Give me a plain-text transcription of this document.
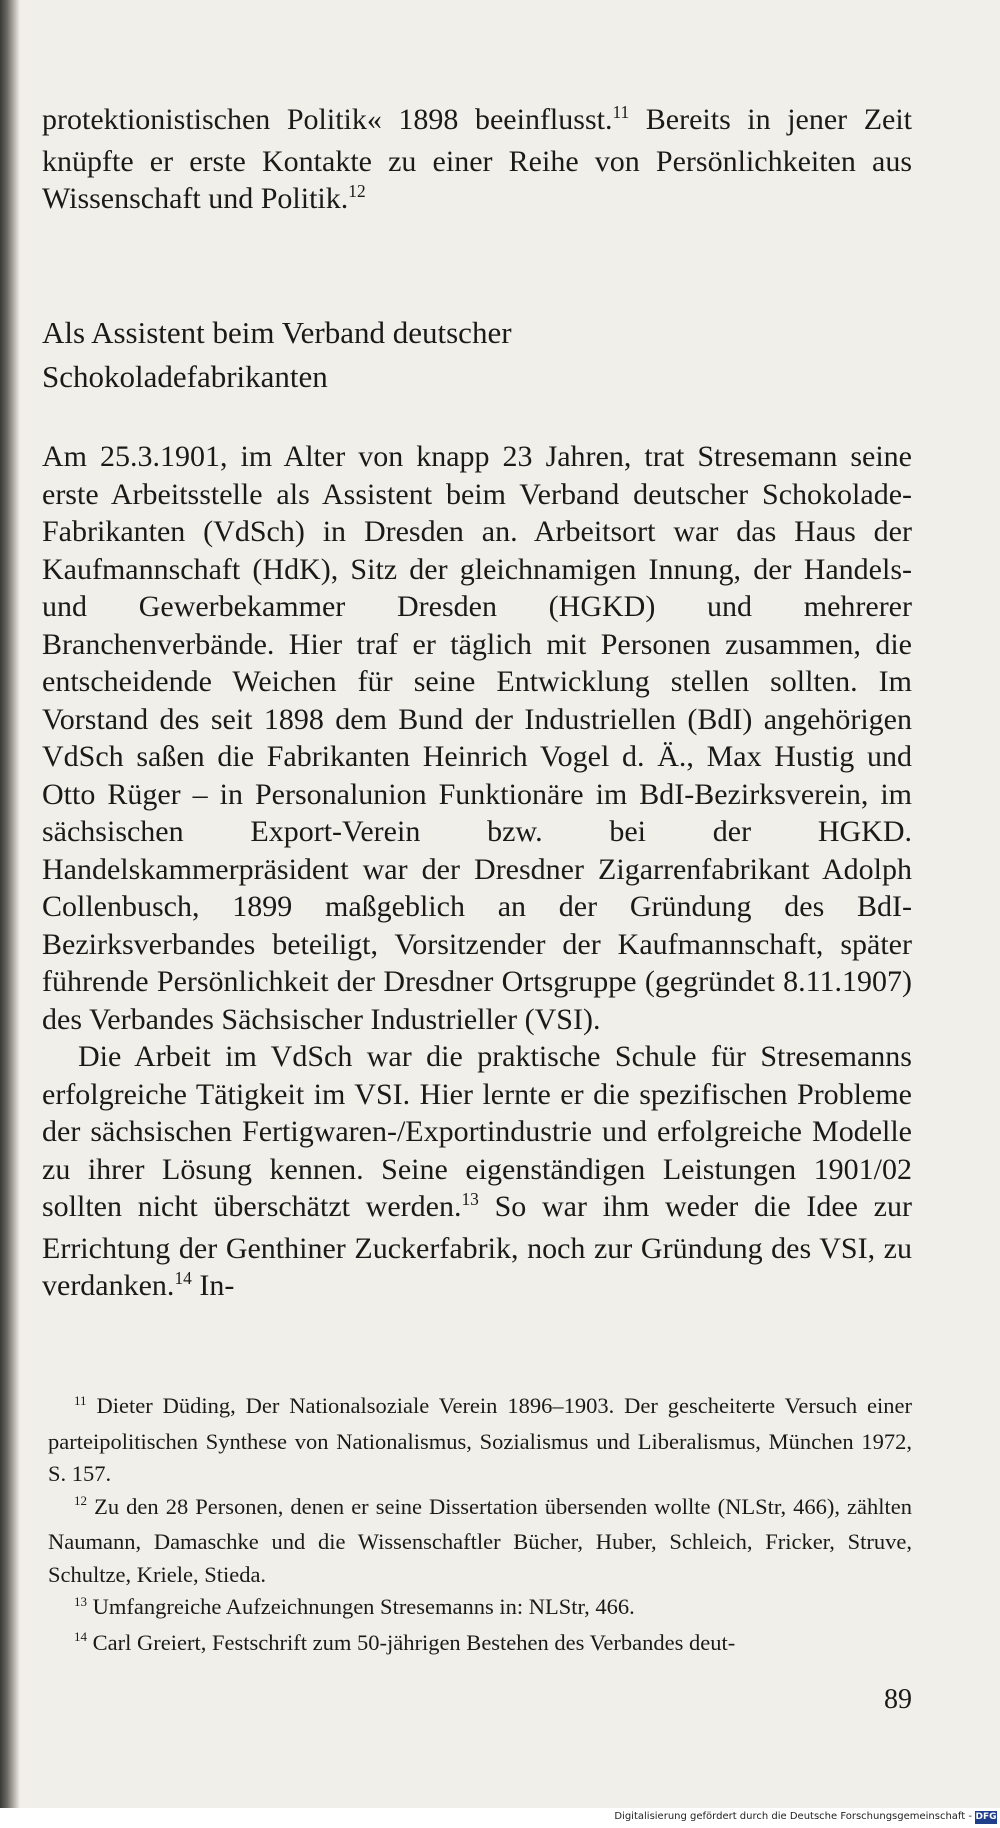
protektionistischen Politik« 1898 beeinflusst.$^{11}$ Bereits in jener Zeit knüpfte er erste Kontakte zu einer Reihe von Persönlichkeiten aus Wissenschaft und Politik.$^{12}$

Als Assistent beim Verband deutscher
Schokoladefabrikanten

Am 25.3.1901, im Alter von knapp 23 Jahren, trat Stresemann seine erste Arbeitsstelle als Assistent beim Verband deutscher Schokolade-Fabrikanten (VdSch) in Dresden an. Arbeitsort war das Haus der Kaufmannschaft (HdK), Sitz der gleichnamigen Innung, der Handels- und Gewerbekammer Dresden (HGKD) und mehrerer Branchenverbände. Hier traf er täglich mit Personen zusammen, die entscheidende Weichen für seine Entwicklung stellen sollten. Im Vorstand des seit 1898 dem Bund der Industriellen (BdI) angehörigen VdSch saßen die Fabrikanten Heinrich Vogel d. Ä., Max Hustig und Otto Rüger – in Personalunion Funktionäre im BdI-Bezirksverein, im sächsischen Export-Verein bzw. bei der HGKD. Handelskammerpräsident war der Dresdner Zigarrenfabrikant Adolph Collenbusch, 1899 maßgeblich an der Gründung des BdI-Bezirksverbandes beteiligt, Vorsitzender der Kaufmannschaft, später führende Persönlichkeit der Dresdner Ortsgruppe (gegründet 8.11.1907) des Verbandes Sächsischer Industrieller (VSI).

Die Arbeit im VdSch war die praktische Schule für Stresemanns erfolgreiche Tätigkeit im VSI. Hier lernte er die spezifischen Probleme der sächsischen Fertigwaren-/Exportindustrie und erfolgreiche Modelle zu ihrer Lösung kennen. Seine eigenständigen Leistungen 1901/02 sollten nicht überschätzt werden.$^{13}$ So war ihm weder die Idee zur Errichtung der Genthiner Zuckerfabrik, noch zur Gründung des VSI, zu verdanken.$^{14}$ In-

$^{11}$ Dieter Düding, Der Nationalsoziale Verein 1896–1903. Der gescheiterte Versuch einer parteipolitischen Synthese von Nationalismus, Sozialismus und Liberalismus, München 1972, S. 157.

$^{12}$ Zu den 28 Personen, denen er seine Dissertation übersenden wollte (NLStr, 466), zählten Naumann, Damaschke und die Wissenschaftler Bücher, Huber, Schleich, Fricker, Struve, Schultze, Kriele, Stieda.

$^{13}$ Umfangreiche Aufzeichnungen Stresemanns in: NLStr, 466.

$^{14}$ Carl Greiert, Festschrift zum 50-jährigen Bestehen des Verbandes deut-

89
Digitalisierung gefördert durch die Deutsche Forschungsgemeinschaft - DFG
